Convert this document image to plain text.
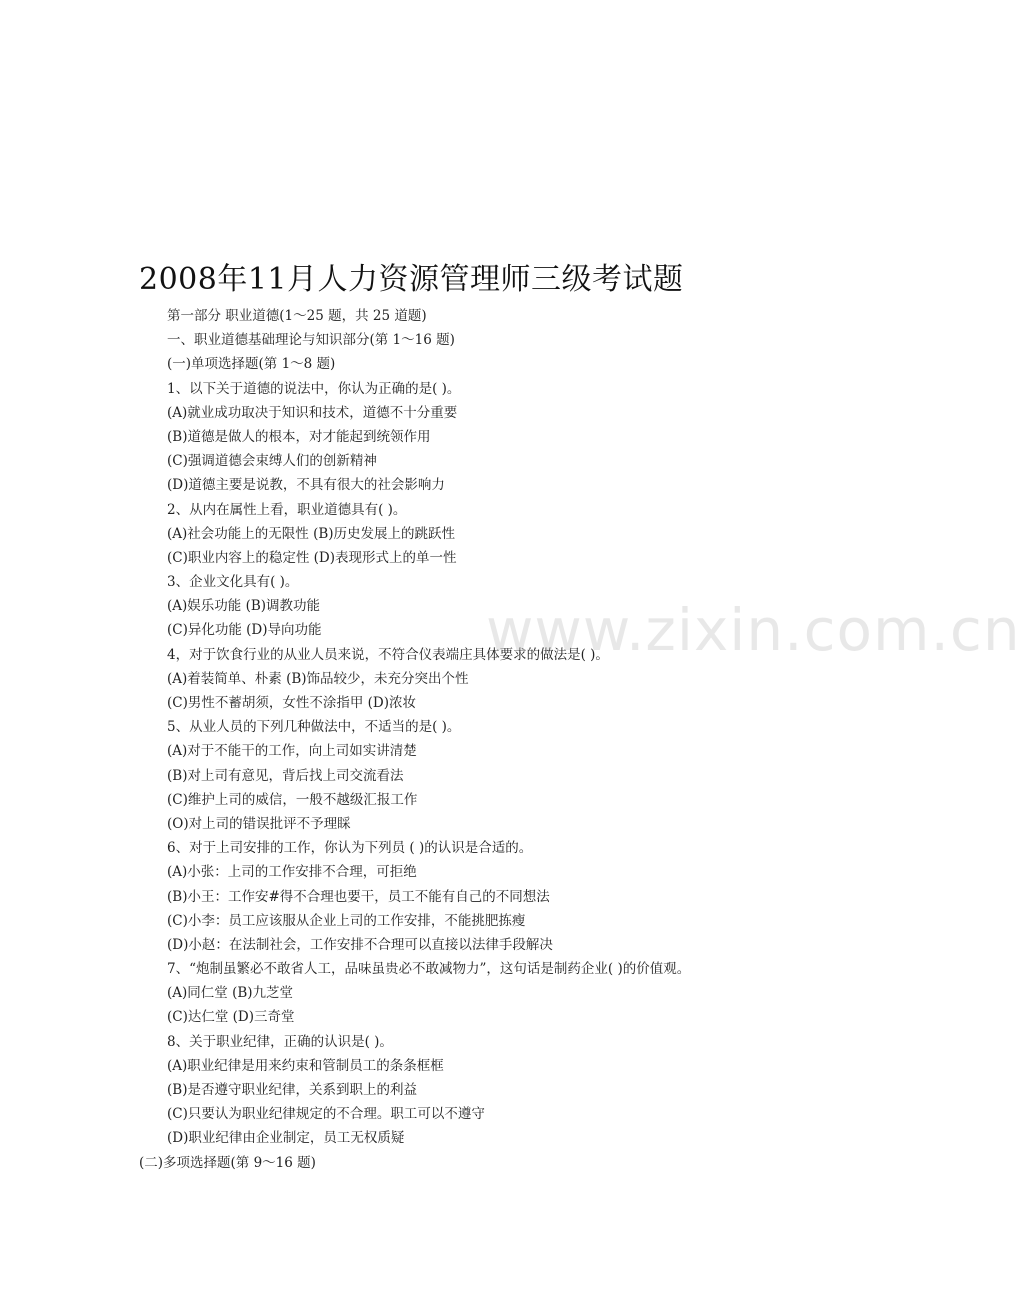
2008年11月人力资源管理师三级考试题
第一部分 职业道德(1～25 题，共 25 道题)
一、职业道德基础理论与知识部分(第 1～16 题)
(一)单项选择题(第 1～8 题)
1、以下关于道德的说法中，你认为正确的是( )。
(A)就业成功取决于知识和技术，道德不十分重要
(B)道德是做人的根本，对才能起到统领作用
(C)强调道德会束缚人们的创新精神
(D)道德主要是说教，不具有很大的社会影响力
2、从内在属性上看，职业道德具有( )。
(A)社会功能上的无限性 (B)历史发展上的跳跃性
(C)职业内容上的稳定性 (D)表现形式上的单一性
3、企业文化具有( )。
(A)娱乐功能 (B)调教功能
(C)异化功能 (D)导向功能
4，对于饮食行业的从业人员来说，不符合仪表端庄具体要求的做法是( )。
(A)着装简单、朴素 (B)饰品较少，未充分突出个性
(C)男性不蓄胡须，女性不涂指甲 (D)浓妆
5、从业人员的下列几种做法中，不适当的是( )。
(A)对于不能干的工作，向上司如实讲清楚
(B)对上司有意见，背后找上司交流看法
(C)维护上司的威信，一般不越级汇报工作
(O)对上司的错误批评不予理睬
6、对于上司安排的工作，你认为下列员 ( )的认识是合适的。
(A)小张：上司的工作安排不合理，可拒绝
(B)小王：工作安#得不合理也要干，员工不能有自己的不同想法
(C)小李：员工应该服从企业上司的工作安排，不能挑肥拣瘦
(D)小赵：在法制社会，工作安排不合理可以直接以法律手段解决
7、“炮制虽繁必不敢省人工，品味虽贵必不敢减物力”，这句话是制药企业( )的价值观。
(A)同仁堂 (B)九芝堂
(C)达仁堂 (D)三奇堂
8、关于职业纪律，正确的认识是( )。
(A)职业纪律是用来约束和管制员工的条条框框
(B)是否遵守职业纪律，关系到职上的利益
(C)只要认为职业纪律规定的不合理。职工可以不遵守
(D)职业纪律由企业制定，员工无权质疑
(二)多项选择题(第 9～16 题)
www.zixin.com.cn
